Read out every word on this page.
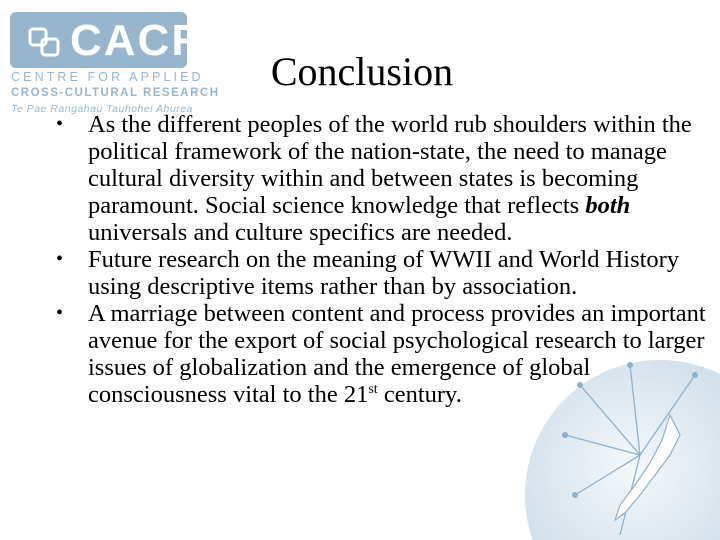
CACR
CENTRE FOR APPLIED
CROSS-CULTURAL RESEARCH
Te Pae Rangahau Tauhohei Ahurea
Conclusion
• As the different peoples of the world rub shoulders within the political framework of the nation-state, the need to manage cultural diversity within and between states is becoming paramount. Social science knowledge that reflects both universals and culture specifics are needed.
• Future research on the meaning of WWII and World History using descriptive items rather than by association.
• A marriage between content and process provides an important avenue for the export of social psychological research to larger issues of globalization and the emergence of global consciousness vital to the 21st century.
